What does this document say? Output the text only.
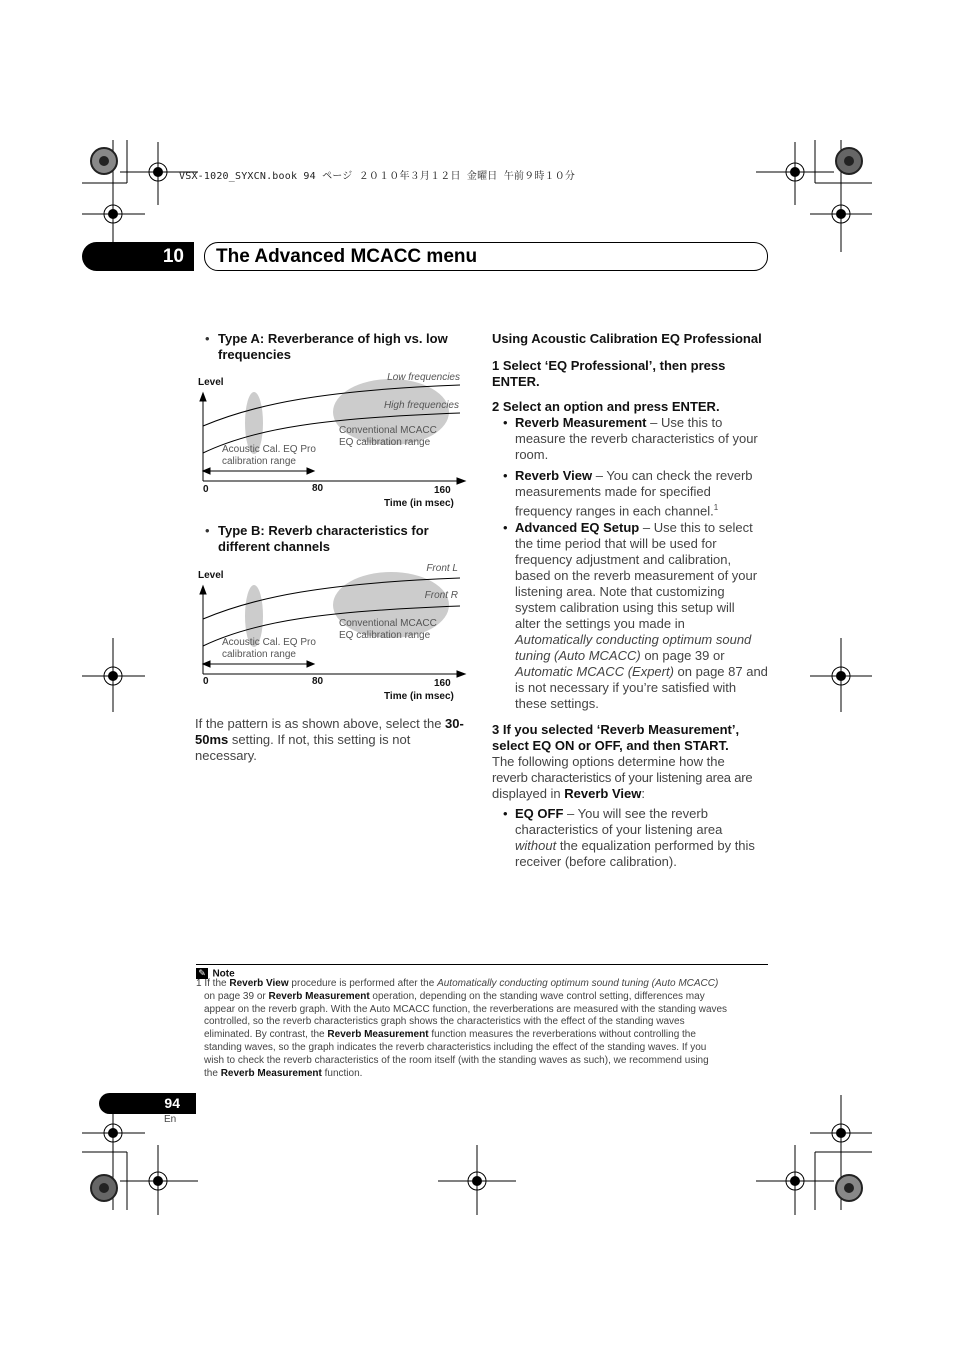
VSX-1020_SYXCN.book 94 ページ ２０１０年３月１２日 金曜日 午前９時１０分
10	The Advanced MCACC menu
• Type A: Reverberance of high vs. low
frequencies
Level	Low frequencies
High frequencies
Conventional MCACC
EQ calibration range
Acoustic Cal. EQ Pro
calibration range
0	80	160
Time (in msec)
• Type B: Reverb characteristics for
different channels
Level
Front L
Front R
Conventional MCACC
EQ calibration range
Acoustic Cal. EQ Pro
calibration range
0	80	160
Time (in msec)
If the pattern is as shown above, select the 30-
50ms setting. If not, this setting is not
necessary.
Using Acoustic Calibration EQ Professional
1 Select ‘EQ Professional’, then press
ENTER.
2 Select an option and press ENTER.
• Reverb Measurement – Use this to
measure the reverb characteristics of your
room.
• Reverb View – You can check the reverb
measurements made for specified
frequency ranges in each channel.$^1$
• Advanced EQ Setup – Use this to select
the time period that will be used for
frequency adjustment and calibration,
based on the reverb measurement of your
listening area. Note that customizing
system calibration using this setup will
alter the settings you made in
Automatically conducting optimum sound
tuning (Auto MCACC) on page 39 or
Automatic MCACC (Expert) on page 87 and
is not necessary if you’re satisfied with
these settings.
3 If you selected ‘Reverb Measurement’,
select EQ ON or OFF, and then START.
The following options determine how the
reverb characteristics of your listening area are
displayed in Reverb View:
• EQ OFF – You will see the reverb
characteristics of your listening area
without the equalization performed by this
receiver (before calibration).
✎ Note
1 If the Reverb View procedure is performed after the Automatically conducting optimum sound tuning (Auto MCACC)
on page 39 or Reverb Measurement operation, depending on the standing wave control setting, differences may
appear on the reverb graph. With the Auto MCACC function, the reverberations are measured with the standing waves
controlled, so the reverb characteristics graph shows the characteristics with the effect of the standing waves
eliminated. By contrast, the Reverb Measurement function measures the reverberations without controlling the
standing waves, so the graph indicates the reverb characteristics including the effect of the standing waves. If you
wish to check the reverb characteristics of the room itself (with the standing waves as such), we recommend using
the Reverb Measurement function.
94
En
